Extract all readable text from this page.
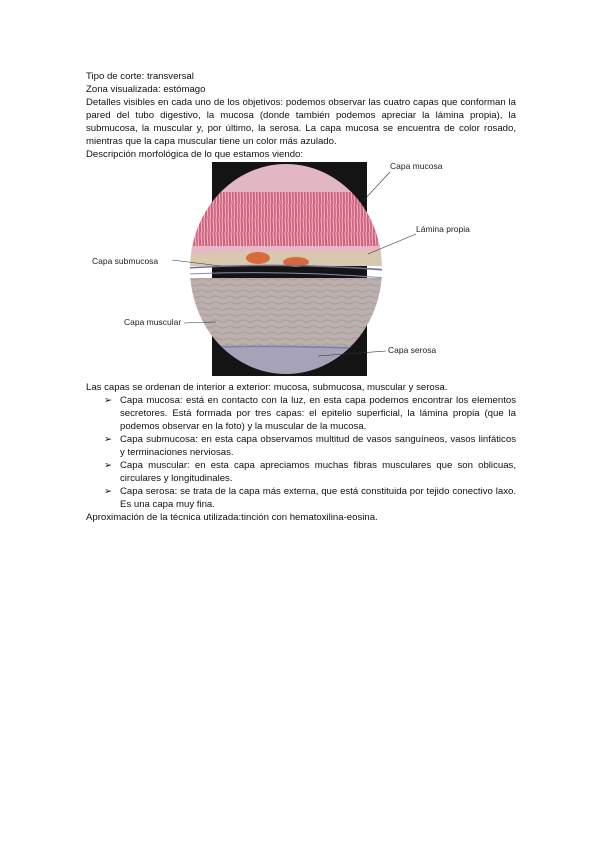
Tipo de corte: transversal

Zona visualizada: estómago

Detalles visibles en cada uno de los objetivos: podemos observar las cuatro capas que conforman la pared del tubo digestivo, la mucosa (donde también podemos apreciar la lámina propia), la submucosa, la muscular y, por último, la serosa. La capa mucosa se encuentra de color rosado, mientras que la capa muscular tiene un color más azulado.

Descripción morfológica de lo que estamos viendo:

Capa mucosa
Lámina propia
Capa submucosa
Capa muscular
Capa serosa

Las capas se ordenan de interior a exterior: mucosa, submucosa, muscular y serosa.

➢ Capa mucosa: está en contacto con la luz, en esta capa podemos encontrar los elementos secretores. Está formada por tres capas: el epitelio superficial, la lámina propia (que la podemos observar en la foto) y la muscular de la mucosa.
➢ Capa submucosa: en esta capa observamos multitud de vasos sanguíneos, vasos linfáticos y terminaciones nerviosas.
➢ Capa muscular: en esta capa apreciamos muchas fibras musculares que son oblicuas, circulares y longitudinales.
➢ Capa serosa: se trata de la capa más externa, que está constituida por tejido conectivo laxo. Es una capa muy fina.

Aproximación de la técnica utilizada:tinción con hematoxilina-eosina.
